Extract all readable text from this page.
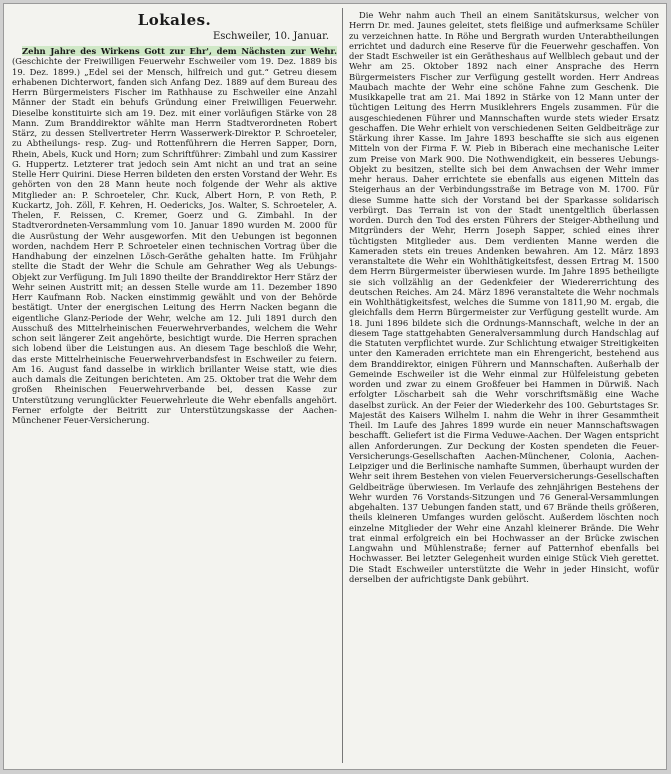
Lokales.
Eschweiler, 10. Januar.

Zehn Jahre des Wirkens Gott zur Ehr', dem Nächsten zur Wehr. (Geschichte der Freiwilligen Feuerwehr Eschweiler vom 19. Dez. 1889 bis 19. Dez. 1899.) „Edel sei der Mensch, hilfreich und gut.“ Getreu diesem erhabenen Dichterwort, fanden sich Anfang Dez. 1889 auf dem Bureau des Herrn Bürgermeisters Fischer im Rathhause zu Eschweiler eine Anzahl Männer der Stadt ein behufs Gründung einer Freiwilligen Feuerwehr. Dieselbe konstituirte sich am 19. Dez. mit einer vorläufigen Stärke von 28 Mann. Zum Branddirektor wählte man Herrn Stadtverordneten Robert Stärz, zu dessen Stellvertreter Herrn Wasserwerk-Direktor P. Schroeteler, zu Abtheilungs- resp. Zug- und Rottenführern die Herren Sapper, Dorn, Rhein, Abels, Kuck und Horn; zum Schriftführer: Zimbahl und zum Kassirer G. Huppertz. Letzterer trat jedoch sein Amt nicht an und trat an seine Stelle Herr Quirini. Diese Herren bildeten den ersten Vorstand der Wehr. Es gehörten von den 28 Mann heute noch folgende der Wehr als aktive Mitglieder an: P. Schroeteler, Chr. Kuck, Albert Horn, P. von Reth, P. Kuckartz, Joh. Zöll, F. Kehren, H. Oedericks, Jos. Walter, S. Schroeteler, A. Thelen, F. Reissen, C. Kremer, Goerz und G. Zimbahl. In der Stadtverordneten-Versammlung vom 10. Januar 1890 wurden M. 2000 für die Ausrüstung der Wehr ausgeworfen. Mit den Uebungen ist begonnen worden, nachdem Herr P. Schroeteler einen technischen Vortrag über die Handhabung der einzelnen Lösch-Geräthe gehalten hatte. Im Frühjahr stellte die Stadt der Wehr die Schule am Gehrather Weg als Uebungs-Objekt zur Verfügung. Im Juli 1890 theilte der Branddirektor Herr Stärz der Wehr seinen Austritt mit; an dessen Stelle wurde am 11. Dezember 1890 Herr Kaufmann Rob. Nacken einstimmig gewählt und von der Behörde bestätigt. Unter der energischen Leitung des Herrn Nacken begann die eigentliche Glanz-Periode der Wehr, welche am 12. Juli 1891 durch den Ausschuß des Mittelrheinischen Feuerwehrverbandes, welchem die Wehr schon seit längerer Zeit angehörte, besichtigt wurde. Die Herren sprachen sich lobend über die Leistungen aus. An diesem Tage beschloß die Wehr, das erste Mittelrheinische Feuerwehrverbandsfest in Eschweiler zu feiern. Am 16. August fand dasselbe in wirklich brillanter Weise statt, wie dies auch damals die Zeitungen berichteten. Am 25. Oktober trat die Wehr dem großen Rheinischen Feuerwehrverbande bei, dessen Kasse zur Unterstützung verunglückter Feuerwehrleute die Wehr ebenfalls angehört. Ferner erfolgte der Beitritt zur Unterstützungskasse der Aachen-Münchener Feuer-Versicherung.

Die Wehr nahm auch Theil an einem Sanitätskursus, welcher von Herrn Dr. med. Jaunes geleitet, stets fleißige und aufmerksame Schüler zu verzeichnen hatte. In Röhe und Bergrath wurden Unterabtheilungen errichtet und dadurch eine Reserve für die Feuerwehr geschaffen. Von der Stadt Eschweiler ist ein Gerätheshaus auf Wellblech gebaut und der Wehr am 25. Oktober 1892 nach einer Ansprache des Herrn Bürgermeisters Fischer zur Verfügung gestellt worden. Herr Andreas Maubach machte der Wehr eine schöne Fahne zum Geschenk. Die Musikkapelle trat am 21. Mai 1892 in Stärke von 12 Mann unter der tüchtigen Leitung des Herrn Musiklehrers Engels zusammen. Für die ausgeschiedenen Führer und Mannschaften wurde stets wieder Ersatz geschaffen. Die Wehr erhielt von verschiedenen Seiten Geldbeiträge zur Stärkung ihrer Kasse. Im Jahre 1893 beschaffte sie sich aus eigenen Mitteln von der Firma F. W. Pieb in Biberach eine mechanische Leiter zum Preise von Mark 900. Die Nothwendigkeit, ein besseres Uebungs-Objekt zu besitzen, stellte sich bei dem Anwachsen der Wehr immer mehr heraus. Daher errichtete sie ebenfalls aus eigenen Mitteln das Steigerhaus an der Verbindungsstraße im Betrage von M. 1700. Für diese Summe hatte sich der Vorstand bei der Sparkasse solidarisch verbürgt. Das Terrain ist von der Stadt unentgeltlich überlassen worden. Durch den Tod des ersten Führers der Steiger-Abtheilung und Mitgründers der Wehr, Herrn Joseph Sapper, schied eines ihrer tüchtigsten Mitglieder aus. Dem verdienten Manne werden die Kameraden stets ein treues Andenken bewahren. Am 12. März 1893 veranstaltete die Wehr ein Wohlthätigkeitsfest, dessen Ertrag M. 1500 dem Herrn Bürgermeister überwiesen wurde. Im Jahre 1895 betheiligte sie sich vollzählig an der Gedenkfeier der Wiedererrichtung des deutschen Reiches. Am 24. März 1896 veranstaltete die Wehr nochmals ein Wohlthätigkeitsfest, welches die Summe von 1811,90 M. ergab, die gleichfalls dem Herrn Bürgermeister zur Verfügung gestellt wurde. Am 18. Juni 1896 bildete sich die Ordnungs-Mannschaft, welche in der an diesem Tage stattgehabten Generalversammlung durch Handschlag auf die Statuten verpflichtet wurde. Zur Schlichtung etwaiger Streitigkeiten unter den Kameraden errichtete man ein Ehrengericht, bestehend aus dem Branddirektor, einigen Führern und Mannschaften. Außerhalb der Gemeinde Eschweiler ist die Wehr einmal zur Hülfeleistung gebeten worden und zwar zu einem Großfeuer bei Hammen in Dürwiß. Nach erfolgter Löscharbeit sah die Wehr vorschriftsmäßig eine Wache daselbst zurück. An der Feier der Wiederkehr des 100. Geburtstages Sr. Majestät des Kaisers Wilhelm I. nahm die Wehr in ihrer Gesammtheit Theil. Im Laufe des Jahres 1899 wurde ein neuer Mannschaftswagen beschafft. Geliefert ist die Firma Veduwe-Aachen. Der Wagen entspricht allen Anforderungen. Zur Deckung der Kosten spendeten die Feuer-Versicherungs-Gesellschaften Aachen-Münchener, Colonia, Aachen-Leipziger und die Berlinische namhafte Summen, überhaupt wurden der Wehr seit ihrem Bestehen von vielen Feuerversicherungs-Gesellschaften Geldbeiträge überwiesen. Im Verlaufe des zehnjährigen Bestehens der Wehr wurden 76 Vorstands-Sitzungen und 76 General-Versammlungen abgehalten. 137 Uebungen fanden statt, und 67 Brände theils größeren, theils kleineren Umfanges wurden gelöscht. Außerdem löschten noch einzelne Mitglieder der Wehr eine Anzahl kleinerer Brände. Die Wehr trat einmal erfolgreich ein bei Hochwasser an der Brücke zwischen Langwahn und Mühlenstraße; ferner auf Patternhof ebenfalls bei Hochwasser. Bei letzter Gelegenheit wurden einige Stück Vieh gerettet. Die Stadt Eschweiler unterstützte die Wehr in jeder Hinsicht, wofür derselben der aufrichtigste Dank gebührt.
